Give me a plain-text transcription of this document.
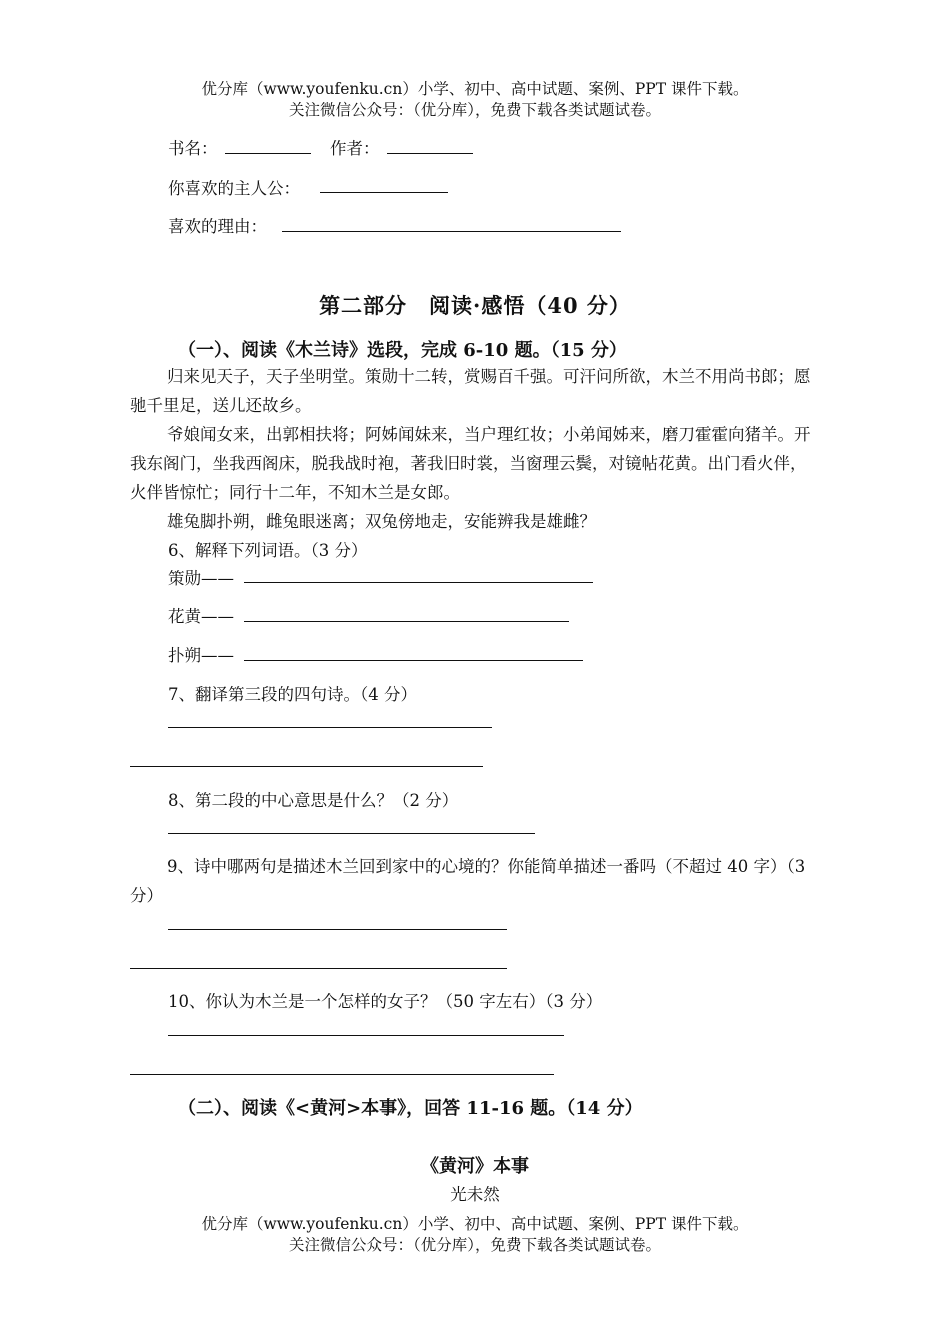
优分库（www.youfenku.cn）小学、初中、高中试题、案例、PPT 课件下载。
关注微信公众号：（优分库），免费下载各类试题试卷。
书名：	作者：
你喜欢的主人公：
喜欢的理由：
第二部分　阅读·感悟（40 分）
（一）、阅读《木兰诗》选段，完成 6-10 题。（15 分）
归来见天子，天子坐明堂。策勋十二转，赏赐百千强。可汗问所欲，木兰不用尚书郎；愿驰千里足，送儿还故乡。
爷娘闻女来，出郭相扶将；阿姊闻妹来，当户理红妆；小弟闻姊来，磨刀霍霍向猪羊。开我东阁门，坐我西阁床，脱我战时袍，著我旧时裳，当窗理云鬓，对镜帖花黄。出门看火伴，火伴皆惊忙；同行十二年，不知木兰是女郎。
雄兔脚扑朔，雌兔眼迷离；双兔傍地走，安能辨我是雄雌？
6、解释下列词语。（3 分）
策勋——
花黄——
扑朔——
7、翻译第三段的四句诗。（4 分）
8、第二段的中心意思是什么？（2 分）
9、诗中哪两句是描述木兰回到家中的心境的？你能简单描述一番吗（不超过 40 字）（3 分）
10、你认为木兰是一个怎样的女子？（50 字左右）（3 分）
（二）、阅读《<黄河>本事》，回答 11-16 题。（14 分）
《黄河》本事
光未然
优分库（www.youfenku.cn）小学、初中、高中试题、案例、PPT 课件下载。
关注微信公众号：（优分库），免费下载各类试题试卷。
